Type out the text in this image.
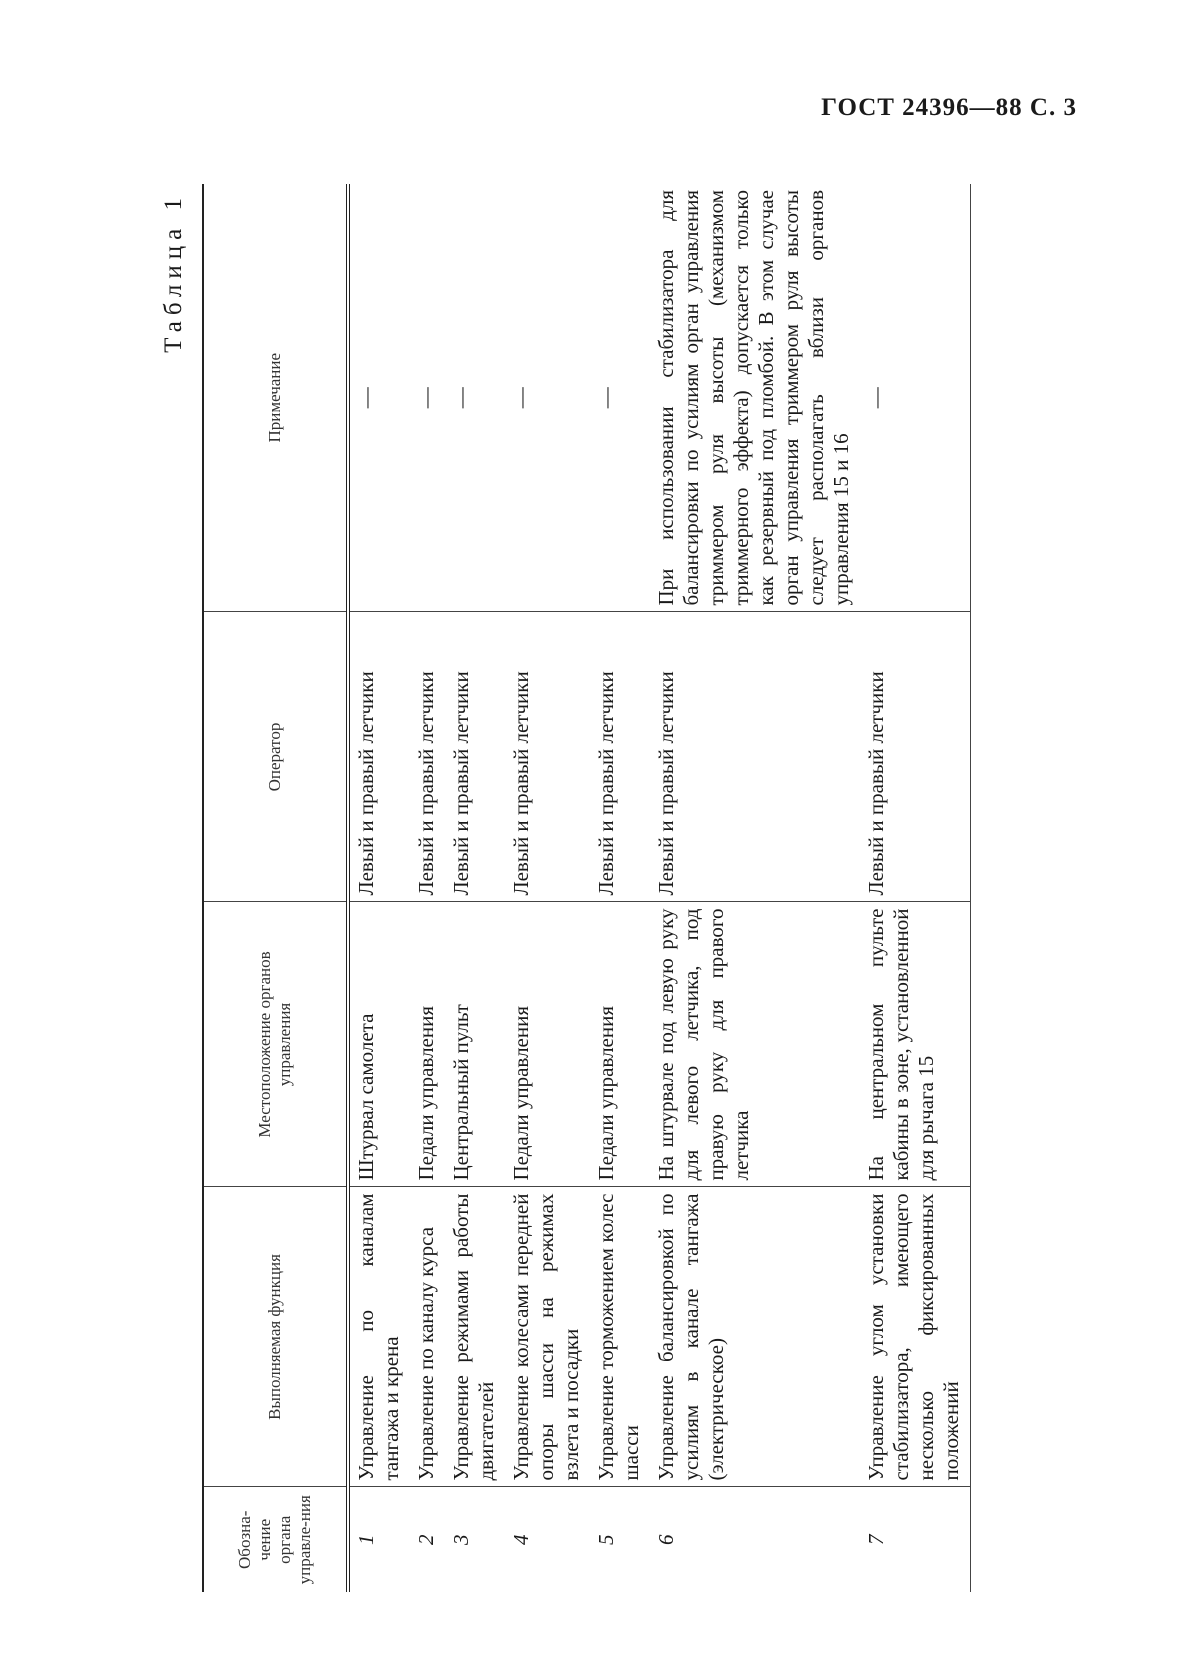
ГОСТ 24396—88 С. 3
Таблица 1
Обозна-чение органа управле-ния	Выполняемая функция	Местоположение органов управления	Оператор	Примечание
1	Управление по каналам тангажа и крена	Штурвал самолета	Левый и правый летчики	—
2	Управление по каналу курса	Педали управления	Левый и правый летчики	—
3	Управление режимами работы двигателей	Центральный пульт	Левый и правый летчики	—
4	Управление колесами передней опоры шасси на режимах взлета и посадки	Педали управления	Левый и правый летчики	—
5	Управление торможением колес шасси	Педали управления	Левый и правый летчики	—
6	Управление балансировкой по усилиям в канале тангажа (электрическое)	На штурвале под левую руку для левого летчика, под правую руку для правого летчика	Левый и правый летчики	При использовании стабилизатора для балансировки по усилиям орган управления триммером руля высоты (механизмом триммерного эффекта) допускается только как резервный под пломбой. В этом случае орган управления триммером руля высоты следует располагать вблизи органов управления 15 и 16
7	Управление углом установки стабилизатора, имеющего несколько фиксированных положений	На центральном пульте кабины в зоне, установленной для рычага 15	Левый и правый летчики	—
